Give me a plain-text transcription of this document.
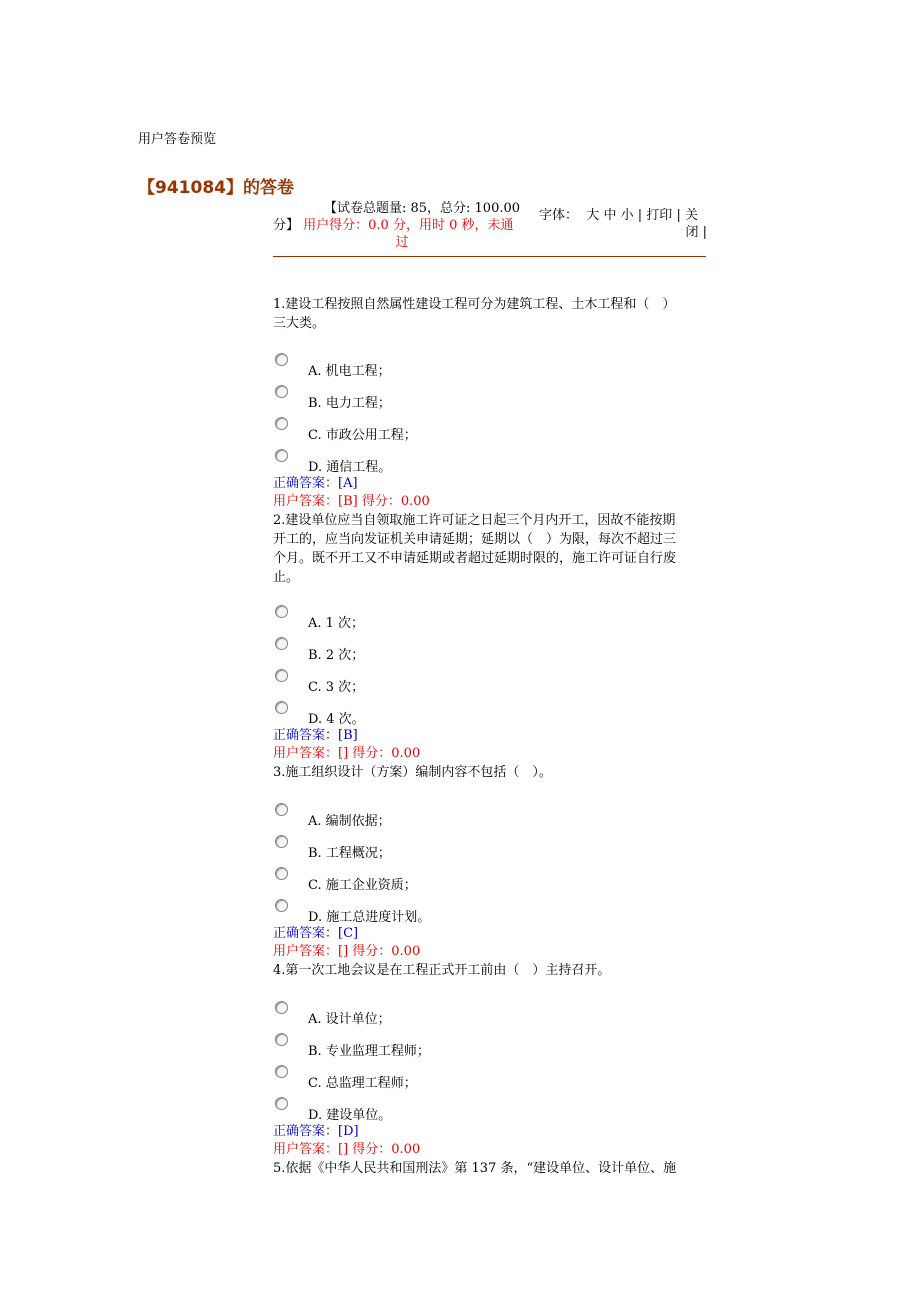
用户答卷预览
【941084】的答卷
【试卷总题量: 85，总分: 100.00
分】 用户得分：0.0 分，用时 0 秒，未通
过
字体： 大 中 小 | 打印 | 关
闭 |

1.建设工程按照自然属性建设工程可分为建筑工程、土木工程和（　）
三大类。

A. 机电工程；
B. 电力工程；
C. 市政公用工程；
D. 通信工程。
正确答案：[A]
用户答案：[B] 得分：0.00

2.建设单位应当自领取施工许可证之日起三个月内开工，因故不能按期
开工的，应当向发证机关申请延期；延期以（　）为限，每次不超过三
个月。既不开工又不申请延期或者超过延期时限的，施工许可证自行废
止。

A. 1 次；
B. 2 次；
C. 3 次；
D. 4 次。
正确答案：[B]
用户答案：[] 得分：0.00

3.施工组织设计（方案）编制内容不包括（　）。

A. 编制依据；
B. 工程概况；
C. 施工企业资质；
D. 施工总进度计划。
正确答案：[C]
用户答案：[] 得分：0.00

4.第一次工地会议是在工程正式开工前由（　）主持召开。

A. 设计单位；
B. 专业监理工程师；
C. 总监理工程师；
D. 建设单位。
正确答案：[D]
用户答案：[] 得分：0.00

5.依据《中华人民共和国刑法》第 137 条，“建设单位、设计单位、施
